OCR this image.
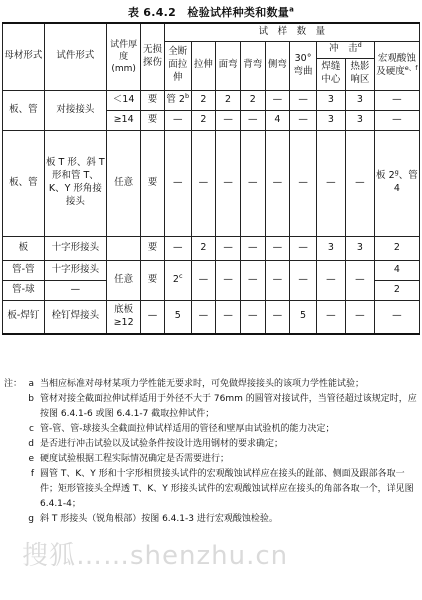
表 6.4.2　检验试样种类和数量$^a$
母材形式	试件形式	试件厚度(mm)	无损探伤	试　样　数　量								
				全断面拉伸	拉伸	面弯	背弯	侧弯	30°弯曲	冲　击$^d$		宏观酸蚀及硬度$^{e、f}$
										焊缝中心	热影响区	
板、管	对接接头	＜14	要	管 2$^b$	2	2	2	—	—	3	3	—
		≥14	要	—	2	—	—	4	—	3	3	—
板、管	板 T 形、斜 T 形和管 T、K、Y 形角接接头	任意	要	—	—	—	—	—	—	—	—	板 2$^g$、管 4
板	十字形接头		要	—	2	—	—	—	—	3	3	2
管-管	十字形接头	任意	要	2$^c$	—	—	—	—	—	—	—	4
管-球	—											2
板-焊钉	栓钉焊接头	底板≥12	—	5	—	—	—	—	5	—	—	—
注： a 当相应标准对母材某项力学性能无要求时，可免做焊接接头的该项力学性能试验；
b 管材对接全截面拉伸试样适用于外径不大于 76mm 的圆管对接试件，当管径超过该规定时，应按图 6.4.1-6 或图 6.4.1-7 截取拉伸试件；
c 管-管、管-球接头全截面拉伸试样适用的管径和壁厚由试验机的能力决定；
d 是否进行冲击试验以及试验条件按设计选用钢材的要求确定；
e 硬度试验根据工程实际情况确定是否需要进行；
f 圆管 T、K、Y 形和十字形相贯接头试件的宏观酸蚀试样应在接头的趾部、侧面及跟部各取一件；矩形管接头全焊透 T、K、Y 形接头试件的宏观酸蚀试样应在接头的角部各取一个，详见图 6.4.1-4；
g 斜 T 形接头（锐角根部）按图 6.4.1-3 进行宏观酸蚀检验。
搜狐……shenzhu.cn
